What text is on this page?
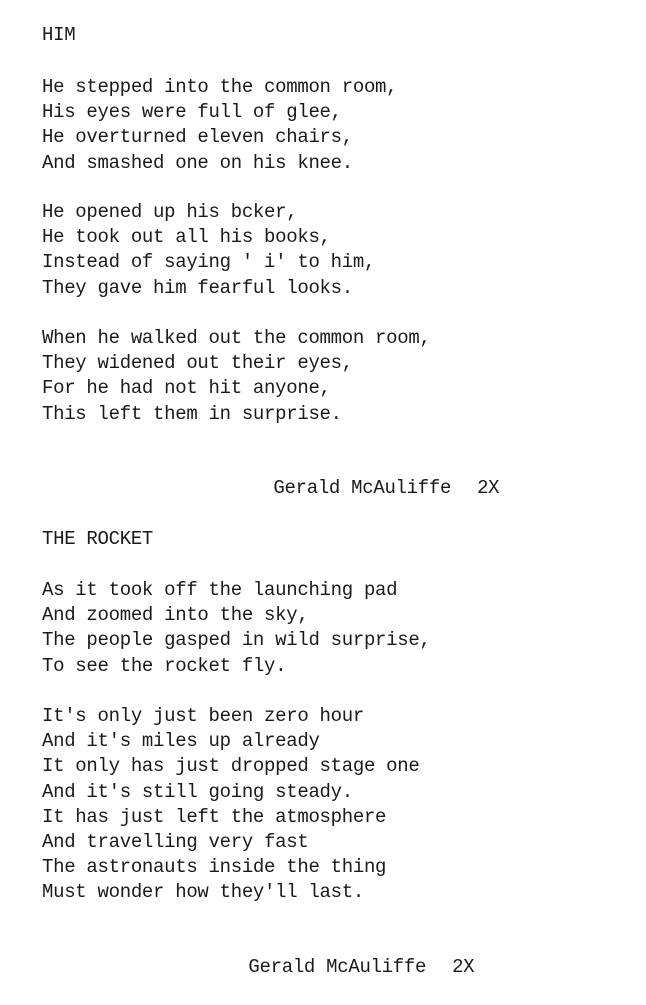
HIM
He stepped into the common room,
His eyes were full of glee,
He overturned eleven chairs,
And smashed one on his knee.
He opened up his bcker,
He took out all his books,
Instead of saying ' i' to him,
They gave him fearful looks.
When he walked out the common room,
They widened out their eyes,
For he had not hit anyone,
This left them in surprise.

Gerald McAuliffe 2X

THE ROCKET
As it took off the launching pad
And zoomed into the sky,
The people gasped in wild surprise,
To see the rocket fly.
It's only just been zero hour
And it's miles up already
It only has just dropped stage one
And it's still going steady.
It has just left the atmosphere
And travelling very fast
The astronauts inside the thing
Must wonder how they'll last.

Gerald McAuliffe 2X
